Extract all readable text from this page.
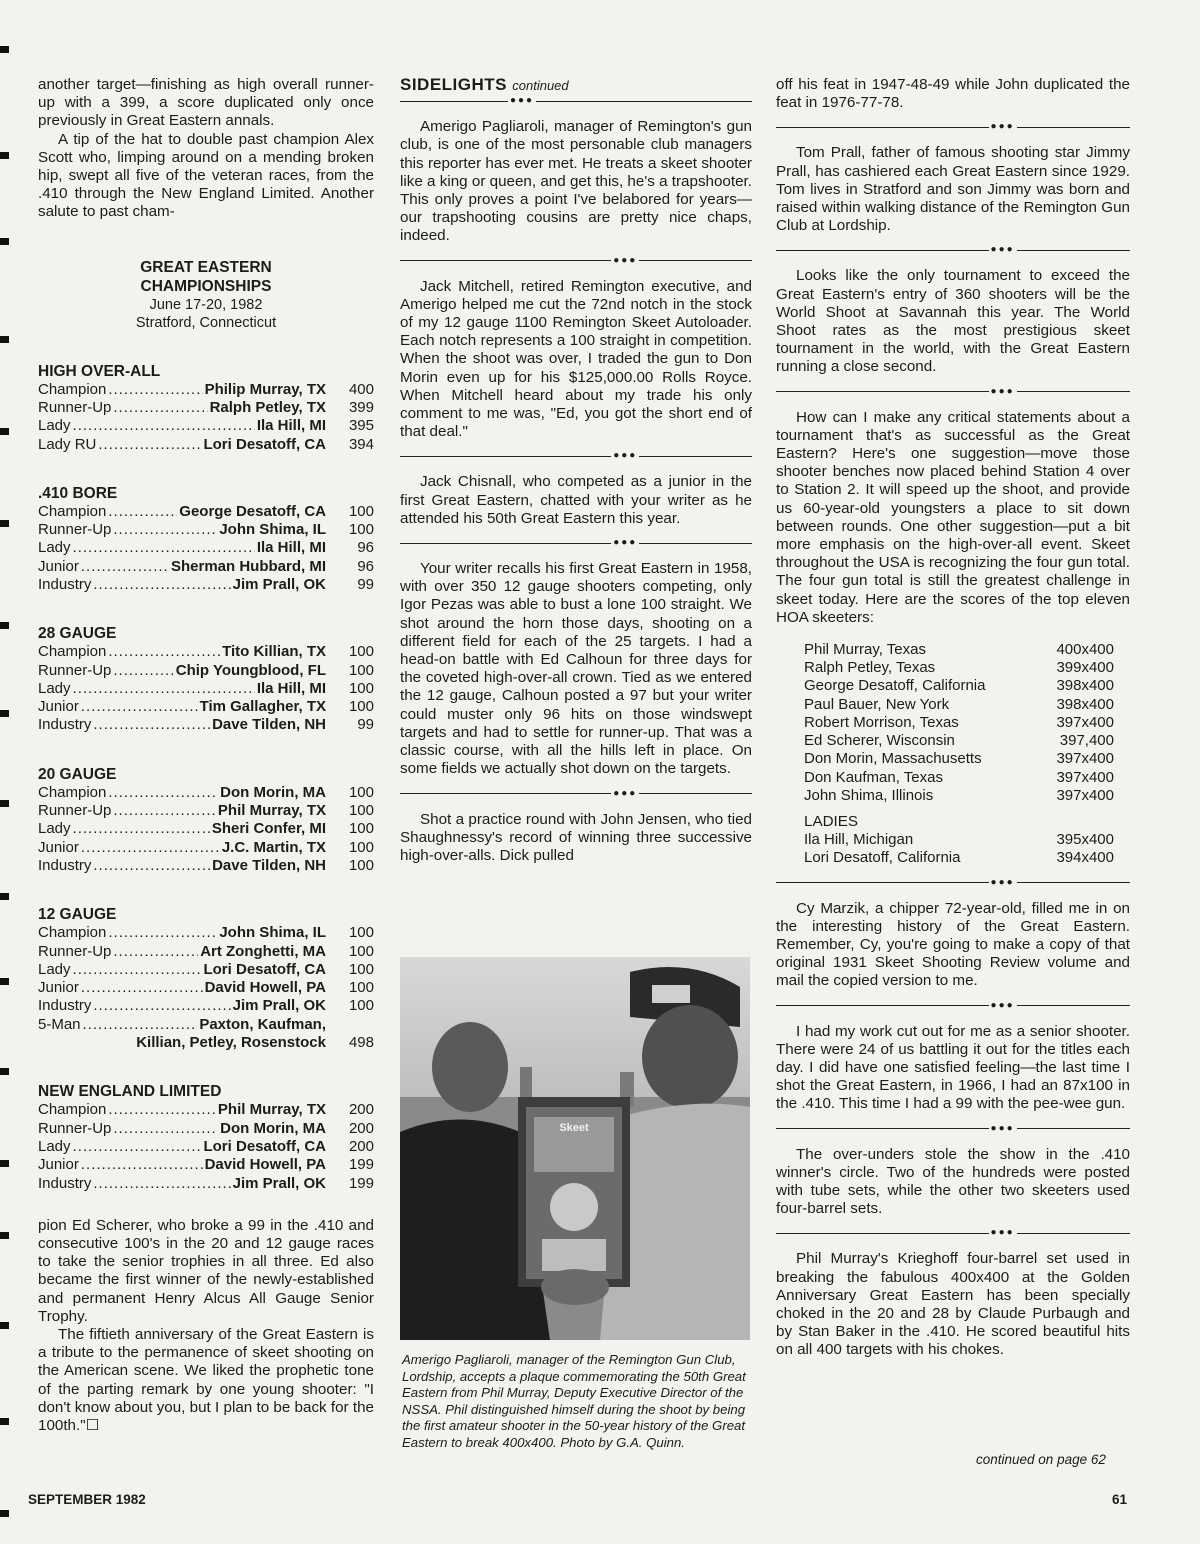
another target—finishing as high overall runner-up with a 399, a score duplicated only once previously in Great Eastern annals.

A tip of the hat to double past champion Alex Scott who, limping around on a mending broken hip, swept all five of the veteran races, from the .410 through the New England Limited. Another salute to past cham-

GREAT EASTERN
CHAMPIONSHIPS
June 17-20, 1982
Stratford, Connecticut
HIGH OVER-ALL
Champion .....	Philip Murray, TX	400
Runner-Up .....	Ralph Petley, TX	399
Lady .....	Ila Hill, MI	395
Lady RU .....	Lori Desatoff, CA	394
.410 BORE
Champion .....	George Desatoff, CA	100
Runner-Up .....	John Shima, IL	100
Lady .....	Ila Hill, MI	96
Junior .....	Sherman Hubbard, MI	96
Industry .....	Jim Prall, OK	99
28 GAUGE
Champion .....	Tito Killian, TX	100
Runner-Up .....	Chip Youngblood, FL	100
Lady .....	Ila Hill, MI	100
Junior .....	Tim Gallagher, TX	100
Industry .....	Dave Tilden, NH	99
20 GAUGE
Champion .....	Don Morin, MA	100
Runner-Up .....	Phil Murray, TX	100
Lady .....	Sheri Confer, MI	100
Junior .....	J.C. Martin, TX	100
Industry .....	Dave Tilden, NH	100
12 GAUGE
Champion .....	John Shima, IL	100
Runner-Up .....	Art Zonghetti, MA	100
Lady .....	Lori Desatoff, CA	100
Junior .....	David Howell, PA	100
Industry .....	Jim Prall, OK	100
5-Man .....	Paxton, Kaufman,
Killian, Petley, Rosenstock	498
NEW ENGLAND LIMITED
Champion .....	Phil Murray, TX	200
Runner-Up .....	Don Morin, MA	200
Lady .....	Lori Desatoff, CA	200
Junior .....	David Howell, PA	199
Industry .....	Jim Prall, OK	199

pion Ed Scherer, who broke a 99 in the .410 and consecutive 100's in the 20 and 12 gauge races to take the senior trophies in all three. Ed also became the first winner of the newly-established and permanent Henry Alcus All Gauge Senior Trophy.

The fiftieth anniversary of the Great Eastern is a tribute to the permanence of skeet shooting on the American scene. We liked the prophetic tone of the parting remark by one young shooter: "I don't know about you, but I plan to be back for the 100th."☐

SIDELIGHTS continued
●●●

Amerigo Pagliaroli, manager of Remington's gun club, is one of the most personable club managers this reporter has ever met. He treats a skeet shooter like a king or queen, and get this, he's a trapshooter. This only proves a point I've belabored for years—our trapshooting cousins are pretty nice chaps, indeed.

●●●

Jack Mitchell, retired Remington executive, and Amerigo helped me cut the 72nd notch in the stock of my 12 gauge 1100 Remington Skeet Autoloader. Each notch represents a 100 straight in competition. When the shoot was over, I traded the gun to Don Morin even up for his $125,000.00 Rolls Royce. When Mitchell heard about my trade his only comment to me was, "Ed, you got the short end of that deal."

●●●

Jack Chisnall, who competed as a junior in the first Great Eastern, chatted with your writer as he attended his 50th Great Eastern this year.

●●●

Your writer recalls his first Great Eastern in 1958, with over 350 12 gauge shooters competing, only Igor Pezas was able to bust a lone 100 straight. We shot around the horn those days, shooting on a different field for each of the 25 targets. I had a head-on battle with Ed Calhoun for three days for the coveted high-over-all crown. Tied as we entered the 12 gauge, Calhoun posted a 97 but your writer could muster only 96 hits on those windswept targets and had to settle for runner-up. That was a classic course, with all the hills left in place. On some fields we actually shot down on the targets.

●●●

Shot a practice round with John Jensen, who tied Shaughnessy's record of winning three successive high-over-alls. Dick pulled

Skeet
Amerigo Pagliaroli, manager of the Remington Gun Club, Lordship, accepts a plaque commemorating the 50th Great Eastern from Phil Murray, Deputy Executive Director of the NSSA. Phil distinguished himself during the shoot by being the first amateur shooter in the 50-year history of the Great Eastern to break 400x400. Photo by G.A. Quinn.

off his feat in 1947-48-49 while John duplicated the feat in 1976-77-78.

●●●

Tom Prall, father of famous shooting star Jimmy Prall, has cashiered each Great Eastern since 1929. Tom lives in Stratford and son Jimmy was born and raised within walking distance of the Remington Gun Club at Lordship.

●●●

Looks like the only tournament to exceed the Great Eastern's entry of 360 shooters will be the World Shoot at Savannah this year. The World Shoot rates as the most prestigious skeet tournament in the world, with the Great Eastern running a close second.

●●●

How can I make any critical statements about a tournament that's as successful as the Great Eastern? Here's one suggestion—move those shooter benches now placed behind Station 4 over to Station 2. It will speed up the shoot, and provide us 60-year-old youngsters a place to sit down between rounds. One other suggestion—put a bit more emphasis on the high-over-all event. Skeet throughout the USA is recognizing the four gun total. The four gun total is still the greatest challenge in skeet today. Here are the scores of the top eleven HOA skeeters:

Phil Murray, Texas	400x400
Ralph Petley, Texas	399x400
George Desatoff, California	398x400
Paul Bauer, New York	398x400
Robert Morrison, Texas	397x400
Ed Scherer, Wisconsin	397,400
Don Morin, Massachusetts	397x400
Don Kaufman, Texas	397x400
John Shima, Illinois	397x400
LADIES
Ila Hill, Michigan	395x400
Lori Desatoff, California	394x400
●●●

Cy Marzik, a chipper 72-year-old, filled me in on the interesting history of the Great Eastern. Remember, Cy, you're going to make a copy of that original 1931 Skeet Shooting Review volume and mail the copied version to me.

●●●

I had my work cut out for me as a senior shooter. There were 24 of us battling it out for the titles each day. I did have one satisfied feeling—the last time I shot the Great Eastern, in 1966, I had an 87x100 in the .410. This time I had a 99 with the pee-wee gun.

●●●

The over-unders stole the show in the .410 winner's circle. Two of the hundreds were posted with tube sets, while the other two skeeters used four-barrel sets.

●●●

Phil Murray's Krieghoff four-barrel set used in breaking the fabulous 400x400 at the Golden Anniversary Great Eastern has been specially choked in the 20 and 28 by Claude Purbaugh and by Stan Baker in the .410. He scored beautiful hits on all 400 targets with his chokes.

continued on page 62
SEPTEMBER 1982	61
